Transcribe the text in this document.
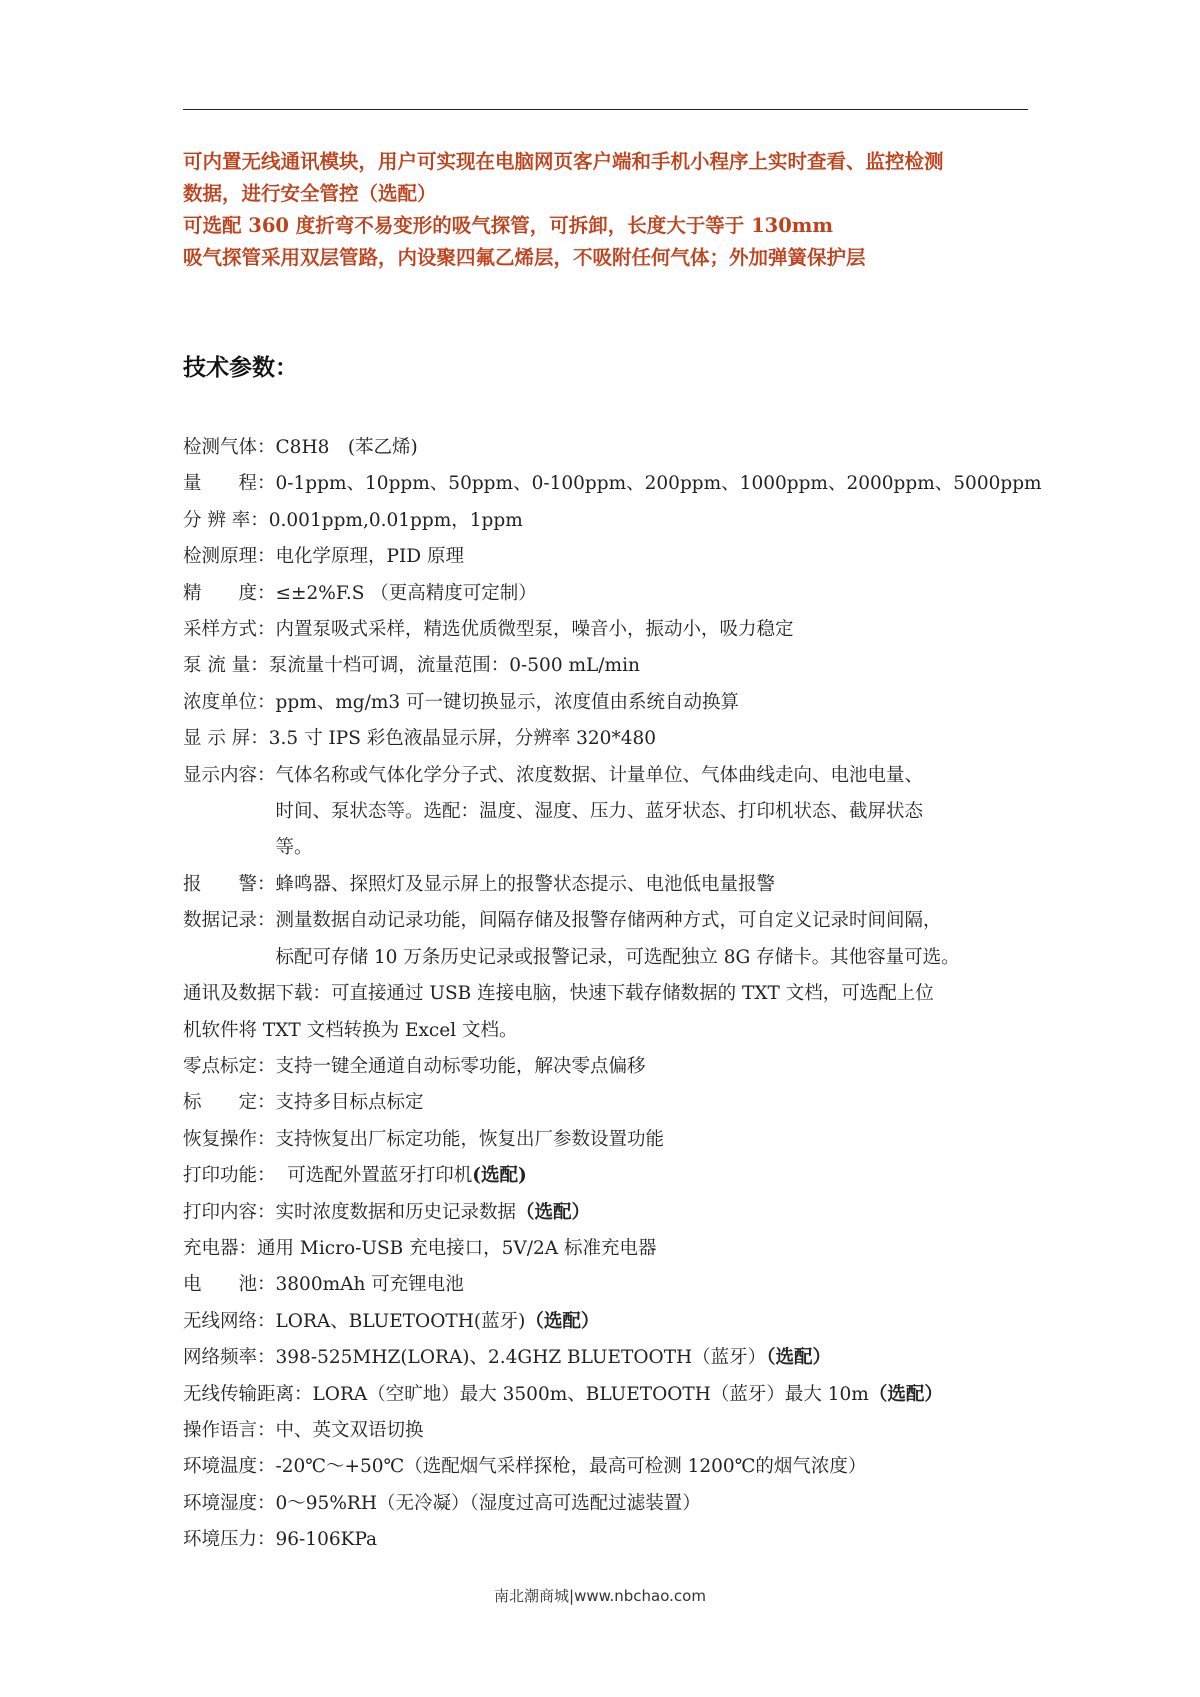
可内置无线通讯模块，用户可实现在电脑网页客户端和手机小程序上实时查看、监控检测
数据，进行安全管控（选配）
可选配 360 度折弯不易变形的吸气探管，可拆卸，长度大于等于 130mm
吸气探管采用双层管路，内设聚四氟乙烯层，不吸附任何气体；外加弹簧保护层
技术参数：
检测气体： C8H8　(苯乙烯)
量　　程： 0-1ppm、10ppm、50ppm、0-100ppm、200ppm、1000ppm、2000ppm、5000ppm
分 辨 率： 0.001ppm,0.01ppm，1ppm
检测原理： 电化学原理，PID 原理
精　　度： ≤±2%F.S （更高精度可定制）
采样方式： 内置泵吸式采样，精选优质微型泵，噪音小，振动小，吸力稳定
泵 流 量： 泵流量十档可调，流量范围：0-500 mL/min
浓度单位： ppm、mg/m3 可一键切换显示，浓度值由系统自动换算
显 示 屏： 3.5 寸 IPS 彩色液晶显示屏，分辨率 320*480
显示内容： 气体名称或气体化学分子式、浓度数据、计量单位、气体曲线走向、电池电量、
时间、泵状态等。选配：温度、湿度、压力、蓝牙状态、打印机状态、截屏状态
等。
报　　警： 蜂鸣器、探照灯及显示屏上的报警状态提示、电池低电量报警
数据记录： 测量数据自动记录功能，间隔存储及报警存储两种方式，可自定义记录时间间隔，
标配可存储 10 万条历史记录或报警记录，可选配独立 8G 存储卡。其他容量可选。
通讯及数据下载：可直接通过 USB 连接电脑，快速下载存储数据的 TXT 文档，可选配上位
机软件将 TXT 文档转换为 Excel 文档。
零点标定： 支持一键全通道自动标零功能，解决零点偏移
标　　定： 支持多目标点标定
恢复操作： 支持恢复出厂标定功能，恢复出厂参数设置功能
打印功能： 可选配外置蓝牙打印机(选配)
打印内容： 实时浓度数据和历史记录数据（选配）
充电器： 通用 Micro-USB 充电接口，5V/2A 标准充电器
电　　池： 3800mAh 可充锂电池
无线网络： LORA、BLUETOOTH(蓝牙)（选配）
网络频率： 398-525MHZ(LORA)、2.4GHZ BLUETOOTH（蓝牙）（选配）
无线传输距离： LORA（空旷地）最大 3500m、BLUETOOTH（蓝牙）最大 10m（选配）
操作语言： 中、英文双语切换
环境温度： -20℃～+50℃（选配烟气采样探枪，最高可检测 1200℃的烟气浓度）
环境湿度： 0～95%RH（无冷凝）（湿度过高可选配过滤装置）
环境压力： 96-106KPa
南北潮商城|www.nbchao.com
